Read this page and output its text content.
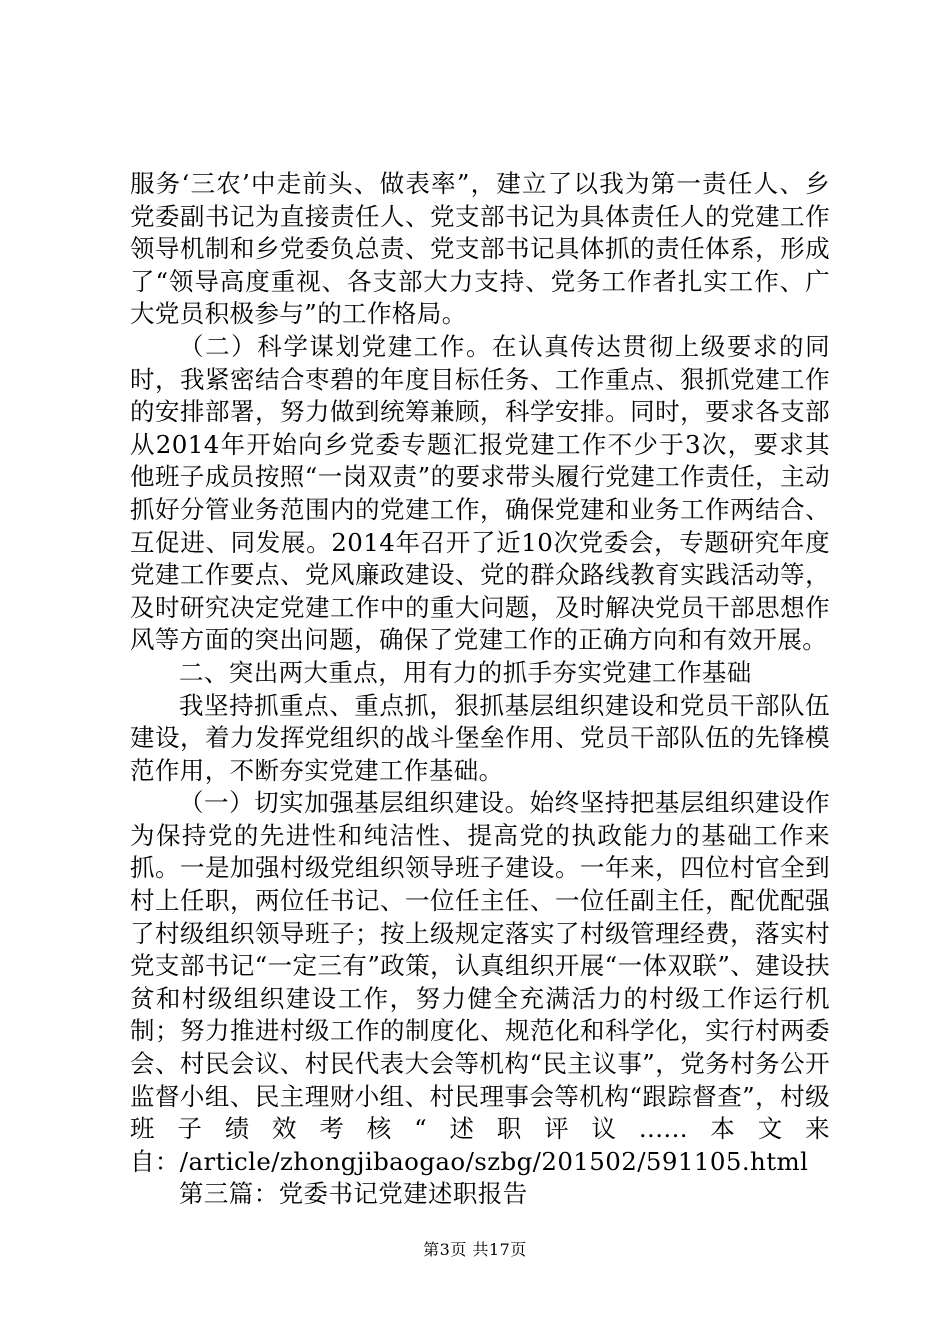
服务‘三农’中走前头、做表率”，建立了以我为第一责任人、乡党委副书记为直接责任人、党支部书记为具体责任人的党建工作领导机制和乡党委负总责、党支部书记具体抓的责任体系，形成了“领导高度重视、各支部大力支持、党务工作者扎实工作、广大党员积极参与”的工作格局。

（二）科学谋划党建工作。在认真传达贯彻上级要求的同时，我紧密结合枣碧的年度目标任务、工作重点、狠抓党建工作的安排部署，努力做到统筹兼顾，科学安排。同时，要求各支部从2014年开始向乡党委专题汇报党建工作不少于3次，要求其他班子成员按照“一岗双责”的要求带头履行党建工作责任，主动抓好分管业务范围内的党建工作，确保党建和业务工作两结合、互促进、同发展。2014年召开了近10次党委会，专题研究年度党建工作要点、党风廉政建设、党的群众路线教育实践活动等，及时研究决定党建工作中的重大问题，及时解决党员干部思想作风等方面的突出问题，确保了党建工作的正确方向和有效开展。

二、突出两大重点，用有力的抓手夯实党建工作基础

我坚持抓重点、重点抓，狠抓基层组织建设和党员干部队伍建设，着力发挥党组织的战斗堡垒作用、党员干部队伍的先锋模范作用，不断夯实党建工作基础。

（一）切实加强基层组织建设。始终坚持把基层组织建设作为保持党的先进性和纯洁性、提高党的执政能力的基础工作来抓。一是加强村级党组织领导班子建设。一年来，四位村官全到村上任职，两位任书记、一位任主任、一位任副主任，配优配强了村级组织领导班子；按上级规定落实了村级管理经费，落实村党支部书记“一定三有”政策，认真组织开展“一体双联”、建设扶贫和村级组织建设工作，努力健全充满活力的村级工作运行机制；努力推进村级工作的制度化、规范化和科学化，实行村两委会、村民会议、村民代表大会等机构“民主议事”，党务村务公开监督小组、民主理财小组、村民理事会等机构“跟踪督查”，村级班子绩效考核“述职评议......本文来自：/article/zhongjibaogao/szbg/201502/591105.html

第三篇：党委书记党建述职报告

第3页 共17页
